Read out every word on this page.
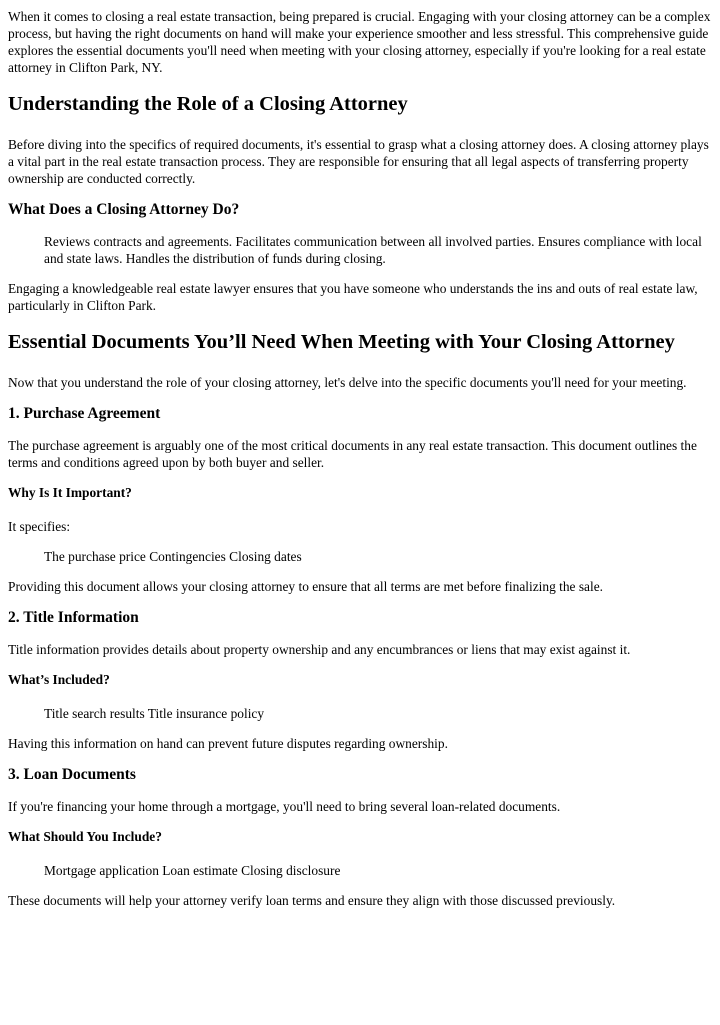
When it comes to closing a real estate transaction, being prepared is crucial. Engaging with your closing attorney can be a complex process, but having the right documents on hand will make your experience smoother and less stressful. This comprehensive guide explores the essential documents you'll need when meeting with your closing attorney, especially if you're looking for a real estate attorney in Clifton Park, NY.

Understanding the Role of a Closing Attorney

Before diving into the specifics of required documents, it's essential to grasp what a closing attorney does. A closing attorney plays a vital part in the real estate transaction process. They are responsible for ensuring that all legal aspects of transferring property ownership are conducted correctly.

What Does a Closing Attorney Do?
Reviews contracts and agreements. Facilitates communication between all involved parties. Ensures compliance with local and state laws. Handles the distribution of funds during closing.

Engaging a knowledgeable real estate lawyer ensures that you have someone who understands the ins and outs of real estate law, particularly in Clifton Park.

Essential Documents You’ll Need When Meeting with Your Closing Attorney

Now that you understand the role of your closing attorney, let's delve into the specific documents you'll need for your meeting.

1. Purchase Agreement

The purchase agreement is arguably one of the most critical documents in any real estate transaction. This document outlines the terms and conditions agreed upon by both buyer and seller.

Why Is It Important?

It specifies:

The purchase price Contingencies Closing dates

Providing this document allows your closing attorney to ensure that all terms are met before finalizing the sale.

2. Title Information

Title information provides details about property ownership and any encumbrances or liens that may exist against it.

What’s Included?
Title search results Title insurance policy

Having this information on hand can prevent future disputes regarding ownership.

3. Loan Documents

If you're financing your home through a mortgage, you'll need to bring several loan-related documents.

What Should You Include?
Mortgage application Loan estimate Closing disclosure

These documents will help your attorney verify loan terms and ensure they align with those discussed previously.
